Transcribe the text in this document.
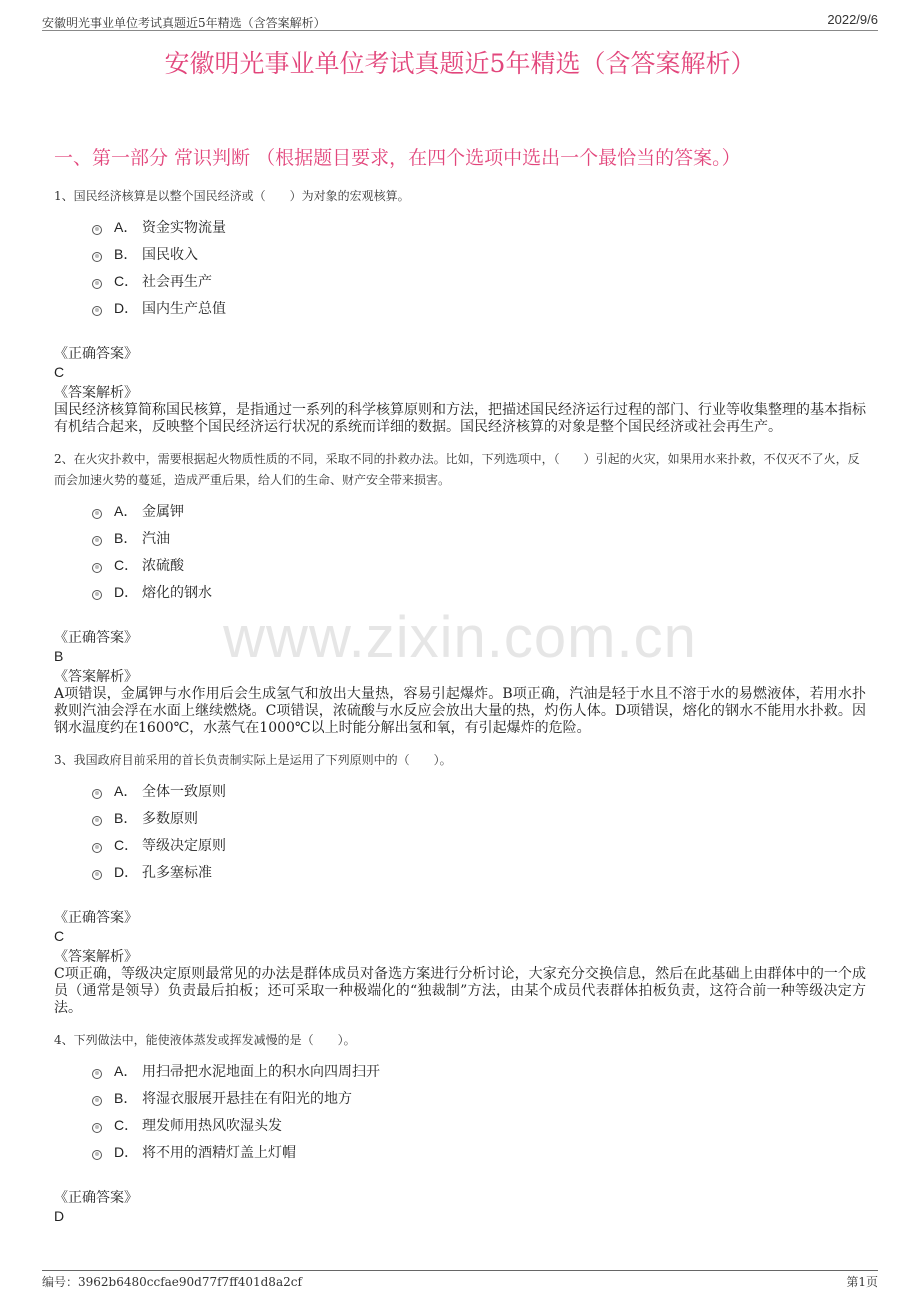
安徽明光事业单位考试真题近5年精选（含答案解析）	2022/9/6
安徽明光事业单位考试真题近5年精选（含答案解析）
一、第一部分 常识判断 （根据题目要求，在四个选项中选出一个最恰当的答案。）
www.zixin.com.cn
1、国民经济核算是以整个国民经济或（　　）为对象的宏观核算。
A． 资金实物流量
B． 国民收入
C． 社会再生产
D． 国内生产总值
《正确答案》
C
《答案解析》
国民经济核算简称国民核算，是指通过一系列的科学核算原则和方法，把描述国民经济运行过程的部门、行业等收集整理的基本指标有机结合起来，反映整个国民经济运行状况的系统而详细的数据。国民经济核算的对象是整个国民经济或社会再生产。
2、在火灾扑救中，需要根据起火物质性质的不同，采取不同的扑救办法。比如，下列选项中，（　　）引起的火灾，如果用水来扑救，不仅灭不了火，反而会加速火势的蔓延，造成严重后果，给人们的生命、财产安全带来损害。
A． 金属钾
B． 汽油
C． 浓硫酸
D． 熔化的钢水
《正确答案》
B
《答案解析》
A项错误，金属钾与水作用后会生成氢气和放出大量热，容易引起爆炸。B项正确，汽油是轻于水且不溶于水的易燃液体，若用水扑救则汽油会浮在水面上继续燃烧。C项错误，浓硫酸与水反应会放出大量的热，灼伤人体。D项错误，熔化的钢水不能用水扑救。因钢水温度约在1600℃，水蒸气在1000℃以上时能分解出氢和氧，有引起爆炸的危险。
3、我国政府目前采用的首长负责制实际上是运用了下列原则中的（　　）。
A． 全体一致原则
B． 多数原则
C． 等级决定原则
D． 孔多塞标准
《正确答案》
C
《答案解析》
C项正确，等级决定原则最常见的办法是群体成员对备选方案进行分析讨论，大家充分交换信息，然后在此基础上由群体中的一个成员（通常是领导）负责最后拍板；还可采取一种极端化的“独裁制”方法，由某个成员代表群体拍板负责，这符合前一种等级决定方法。
4、下列做法中，能使液体蒸发或挥发减慢的是（　　）。
A． 用扫帚把水泥地面上的积水向四周扫开
B． 将湿衣服展开悬挂在有阳光的地方
C． 理发师用热风吹湿头发
D． 将不用的酒精灯盖上灯帽
《正确答案》
D
编号：3962b6480ccfae90d77f7ff401d8a2cf	第1页
